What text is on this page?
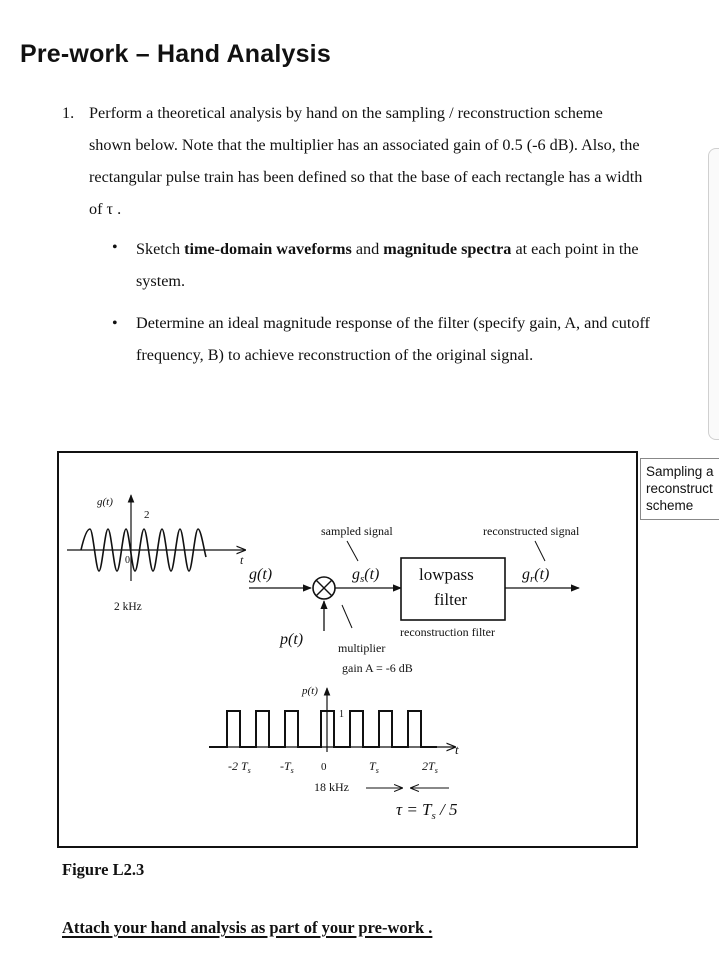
Pre-work – Hand Analysis
1. Perform a theoretical analysis by hand on the sampling / reconstruction scheme shown below. Note that the multiplier has an associated gain of 0.5 (-6 dB). Also, the rectangular pulse train has been defined so that the base of each rectangle has a width of τ .
• Sketch time-domain waveforms and magnitude spectra at each point in the system.
• Determine an ideal magnitude response of the filter (specify gain, A, and cutoff frequency, B) to achieve reconstruction of the original signal.
g(t)
2
0	t
2 kHz
g(t)	lowpass
filter
sampled signal
gs(t)
reconstructed signal
gr(t)
reconstruction filter
p(t)	multiplier
gain A = -6 dB
p(t)
1
t
-2 $T_s$ $-T_s$ 0	$T_s$	$2T_s$
18 kHz
$\tau = T_s / 5$
Sampling a
reconstruct
scheme
Figure L2.3
Attach your hand analysis as part of your pre-work .
